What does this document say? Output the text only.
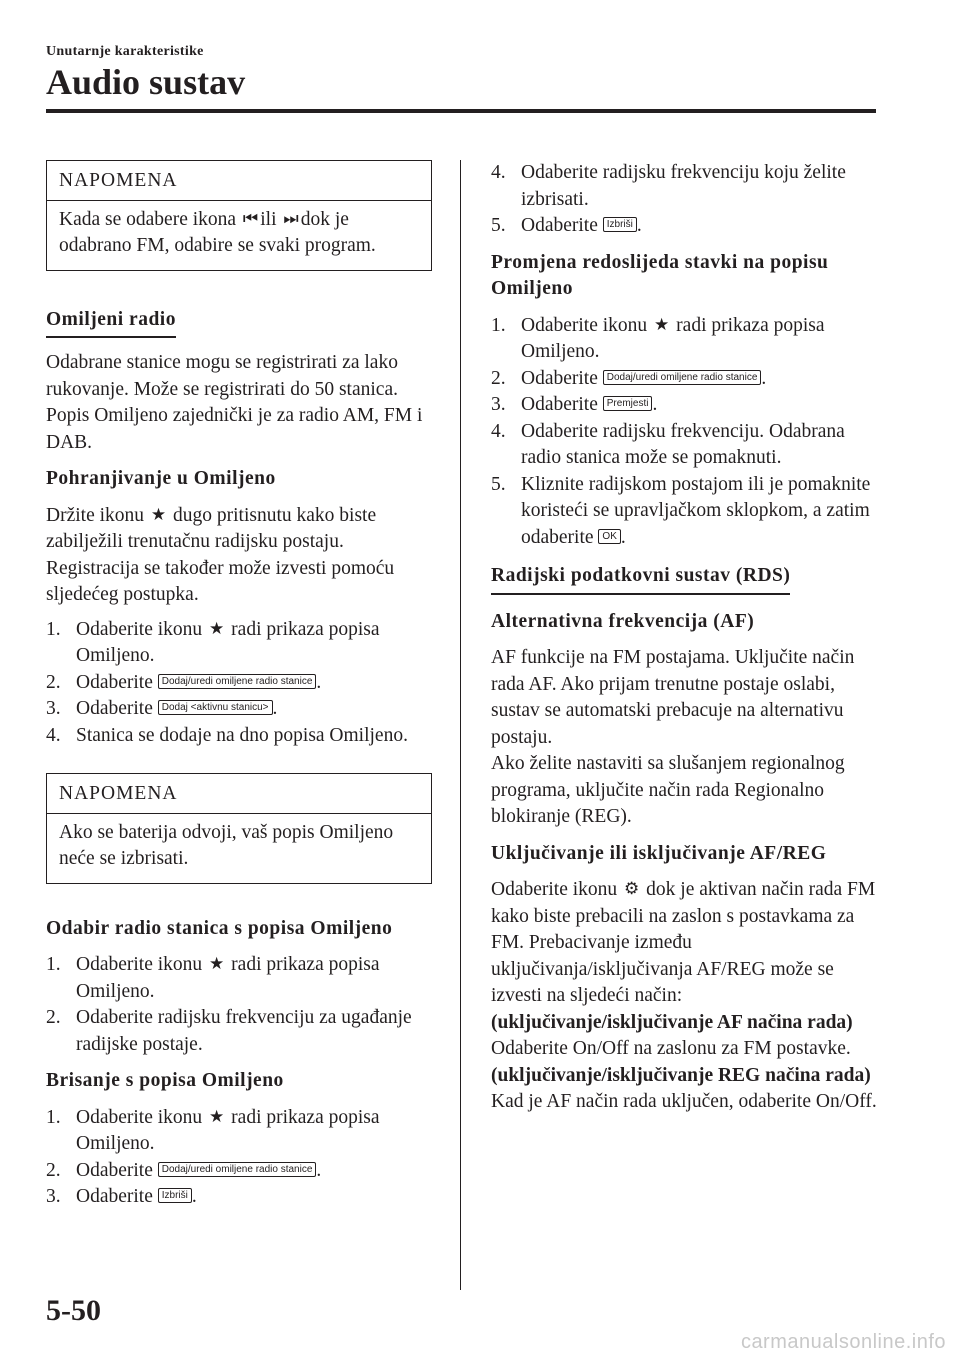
Unutarnje karakteristike
Audio sustav
NAPOMENA
Kada se odabere ikona ⏮ ili ⏭ dok je odabrano FM, odabire se svaki program.
Omiljeni radio

Odabrane stanice mogu se registrirati za lako rukovanje. Može se registrirati do 50 stanica. Popis Omiljeno zajednički je za radio AM, FM i DAB.

Pohranjivanje u Omiljeno

Držite ikonu ★ dugo pritisnutu kako biste zabilježili trenutačnu radijsku postaju. Registracija se također može izvesti pomoću sljedećeg postupka.

1. Odaberite ikonu ★ radi prikaza popisa Omiljeno.
2. Odaberite Dodaj/uredi omiljene radio stanice .
3. Odaberite Dodaj <aktivnu stanicu> .
4. Stanica se dodaje na dno popisa Omiljeno.
NAPOMENA
Ako se baterija odvoji, vaš popis Omiljeno neće se izbrisati.
Odabir radio stanica s popisa Omiljeno
1. Odaberite ikonu ★ radi prikaza popisa Omiljeno.
2. Odaberite radijsku frekvenciju za ugađanje radijske postaje.
Brisanje s popisa Omiljeno
1. Odaberite ikonu ★ radi prikaza popisa Omiljeno.
2. Odaberite Dodaj/uredi omiljene radio stanice .
3. Odaberite Izbriši .
4. Odaberite radijsku frekvenciju koju želite izbrisati.
5. Odaberite Izbriši .
Promjena redoslijeda stavki na popisu Omiljeno
1. Odaberite ikonu ★ radi prikaza popisa Omiljeno.
2. Odaberite Dodaj/uredi omiljene radio stanice .
3. Odaberite Premjesti .
4. Odaberite radijsku frekvenciju. Odabrana radio stanica može se pomaknuti.
5. Kliznite radijskom postajom ili je pomaknite koristeći se upravljačkom sklopkom, a zatim odaberite OK .
Radijski podatkovni sustav (RDS)
Alternativna frekvencija (AF)

AF funkcije na FM postajama. Uključite način rada AF. Ako prijam trenutne postaje oslabi, sustav se automatski prebacuje na alternativu postaju.

Ako želite nastaviti sa slušanjem regionalnog programa, uključite način rada Regionalno blokiranje (REG).

Uključivanje ili isključivanje AF/REG

Odaberite ikonu ⚙ dok je aktivan način rada FM kako biste prebacili na zaslon s postavkama za FM. Prebacivanje između uključivanja/isključivanja AF/REG može se izvesti na sljedeći način:

(uključivanje/isključivanje AF načina rada)
Odaberite On/Off na zaslonu za FM postavke.
(uključivanje/isključivanje REG načina rada)
Kad je AF način rada uključen, odaberite On/Off.
5-50
carmanualsonline.info
